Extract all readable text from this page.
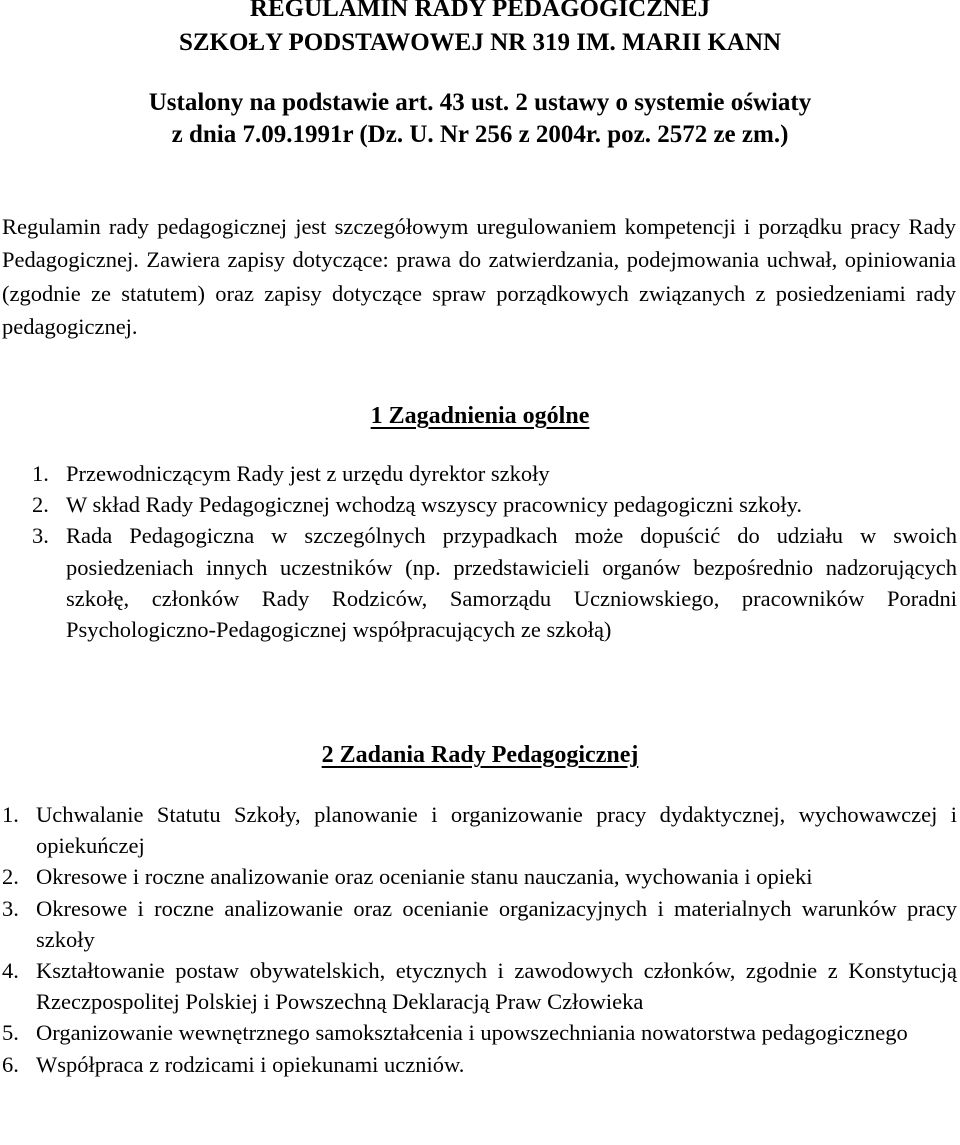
REGULAMIN RADY PEDAGOGICZNEJ
SZKOŁY PODSTAWOWEJ NR 319 IM. MARII KANN
Ustalony na podstawie art. 43 ust. 2 ustawy o systemie oświaty
z dnia 7.09.1991r (Dz. U. Nr 256 z 2004r. poz. 2572 ze zm.)

Regulamin rady pedagogicznej jest szczegółowym uregulowaniem kompetencji i porządku pracy Rady Pedagogicznej. Zawiera zapisy dotyczące: prawa do zatwierdzania, podejmowania uchwał, opiniowania (zgodnie ze statutem) oraz zapisy dotyczące spraw porządkowych związanych z posiedzeniami rady pedagogicznej.

1 Zagadnienia ogólne
1. Przewodniczącym Rady jest z urzędu dyrektor szkoły
2. W skład Rady Pedagogicznej wchodzą wszyscy pracownicy pedagogiczni szkoły.
3. Rada Pedagogiczna w szczególnych przypadkach może dopuścić do udziału w swoich posiedzeniach innych uczestników (np. przedstawicieli organów bezpośrednio nadzorujących szkołę, członków Rady Rodziców, Samorządu Uczniowskiego, pracowników Poradni Psychologiczno-Pedagogicznej współpracujących ze szkołą)
2 Zadania Rady Pedagogicznej
1. Uchwalanie Statutu Szkoły, planowanie i organizowanie pracy dydaktycznej, wychowawczej i opiekuńczej
2. Okresowe i roczne analizowanie oraz ocenianie stanu nauczania, wychowania i opieki
3. Okresowe i roczne analizowanie oraz ocenianie organizacyjnych i materialnych warunków pracy szkoły
4. Kształtowanie postaw obywatelskich, etycznych i zawodowych członków, zgodnie z Konstytucją Rzeczpospolitej Polskiej i Powszechną Deklaracją Praw Człowieka
5. Organizowanie wewnętrznego samokształcenia i upowszechniania nowatorstwa pedagogicznego
6. Współpraca z rodzicami i opiekunami uczniów.
